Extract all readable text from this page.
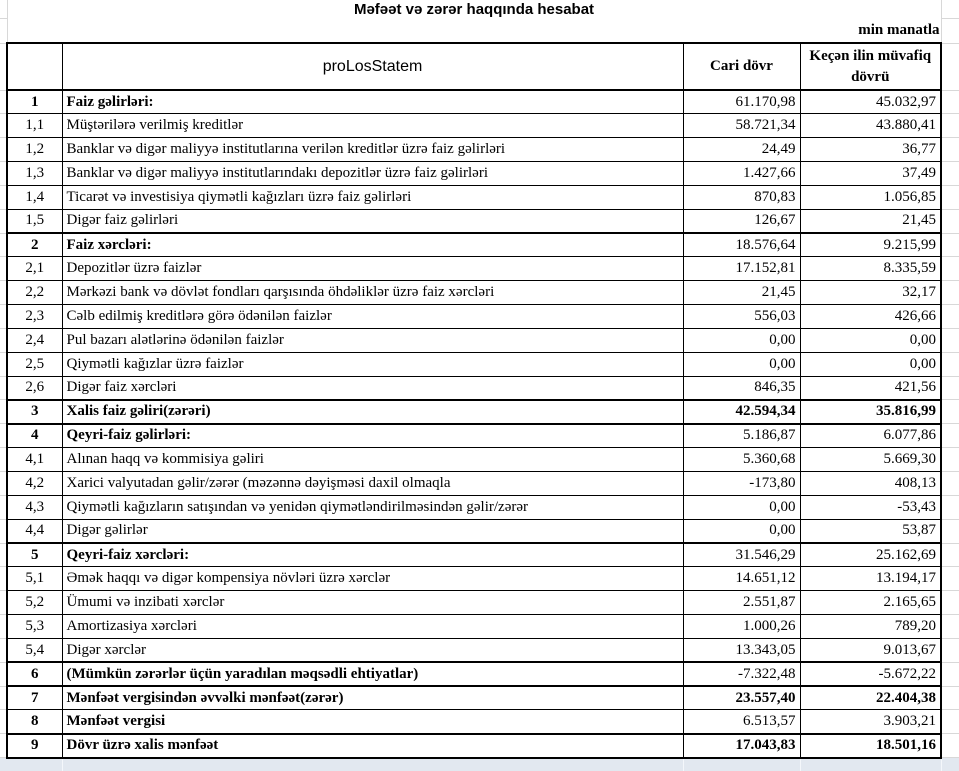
	Məfəət və zərər haqqında hesabat				
	min manatla				
		proLosStatem	Cari dövr	Keçən ilin müvafiq dövrü	
	1	Faiz gəlirləri:	61.170,98	45.032,97	
	1,1	Müştərilərə verilmiş kreditlər	58.721,34	43.880,41	
	1,2	Banklar və digər maliyyə institutlarına verilən kreditlər üzrə faiz gəlirləri	24,49	36,77	
	1,3	Banklar və digər maliyyə institutlarındakı depozitlər üzrə faiz gəlirləri	1.427,66	37,49	
	1,4	Ticarət və investisiya qiymətli kağızları üzrə faiz gəlirləri	870,83	1.056,85	
	1,5	Digər faiz gəlirləri	126,67	21,45	
	2	Faiz xərcləri:	18.576,64	9.215,99	
	2,1	Depozitlər üzrə faizlər	17.152,81	8.335,59	
	2,2	Mərkəzi bank və dövlət fondları qarşısında öhdəliklər üzrə faiz xərcləri	21,45	32,17	
	2,3	Cəlb edilmiş kreditlərə görə ödənilən faizlər	556,03	426,66	
	2,4	Pul bazarı alətlərinə ödənilən faizlər	0,00	0,00	
	2,5	Qiymətli kağızlar üzrə faizlər	0,00	0,00	
	2,6	Digər faiz xərcləri	846,35	421,56	
	3	Xalis faiz gəliri(zərəri)	42.594,34	35.816,99	
	4	Qeyri-faiz gəlirləri:	5.186,87	6.077,86	
	4,1	Alınan haqq və kommisiya gəliri	5.360,68	5.669,30	
	4,2	Xarici valyutadan gəlir/zərər (məzənnə dəyişməsi daxil olmaqla	-173,80	408,13	
	4,3	Qiymətli kağızların satışından və yenidən qiymətləndirilməsindən gəlir/zərər	0,00	-53,43	
	4,4	Digər gəlirlər	0,00	53,87	
	5	Qeyri-faiz xərcləri:	31.546,29	25.162,69	
	5,1	Əmək haqqı və digər kompensiya növləri üzrə xərclər	14.651,12	13.194,17	
	5,2	Ümumi və inzibati xərclər	2.551,87	2.165,65	
	5,3	Amortizasiya xərcləri	1.000,26	789,20	
	5,4	Digər xərclər	13.343,05	9.013,67	
	6	(Mümkün zərərlər üçün yaradılan məqsədli ehtiyatlar)	-7.322,48	-5.672,22	
	7	Mənfəət vergisindən əvvəlki mənfəət(zərər)	23.557,40	22.404,38	
	8	Mənfəət vergisi	6.513,57	3.903,21	
	9	Dövr üzrə xalis mənfəət	17.043,83	18.501,16	
